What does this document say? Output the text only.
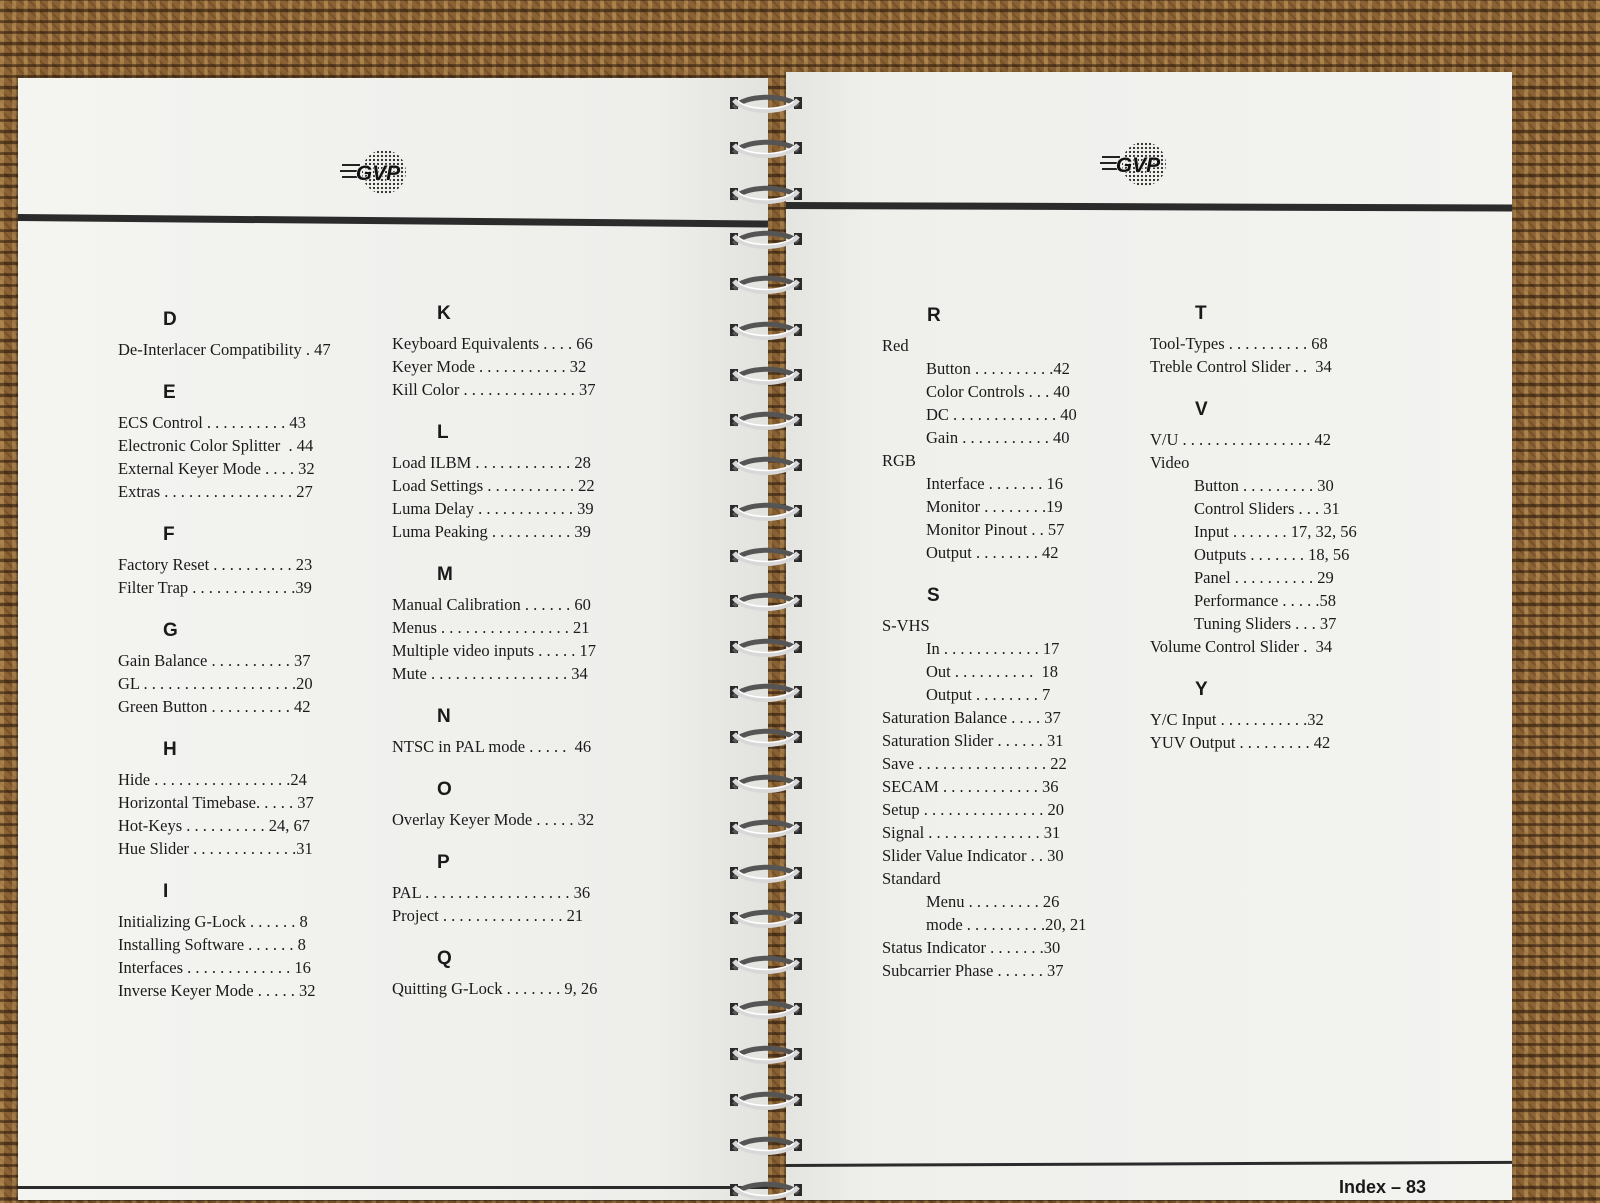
GVP
D
De-Interlacer Compatibility . 47
E
ECS Control . . . . . . . . . . 43
Electronic Color Splitter  . 44
External Keyer Mode . . . . 32
Extras . . . . . . . . . . . . . . . . 27
F
Factory Reset . . . . . . . . . . 23
Filter Trap . . . . . . . . . . . . .39
G
Gain Balance . . . . . . . . . . 37
GL . . . . . . . . . . . . . . . . . . .20
Green Button . . . . . . . . . . 42
H
Hide . . . . . . . . . . . . . . . . .24
Horizontal Timebase. . . . . 37
Hot-Keys . . . . . . . . . . 24, 67
Hue Slider . . . . . . . . . . . . .31
I
Initializing G-Lock . . . . . . 8
Installing Software . . . . . . 8
Interfaces . . . . . . . . . . . . . 16
Inverse Keyer Mode . . . . . 32
K
Keyboard Equivalents . . . . 66
Keyer Mode . . . . . . . . . . . 32
Kill Color . . . . . . . . . . . . . . 37
L
Load ILBM . . . . . . . . . . . . 28
Load Settings . . . . . . . . . . . 22
Luma Delay . . . . . . . . . . . . 39
Luma Peaking . . . . . . . . . . 39
M
Manual Calibration . . . . . . 60
Menus . . . . . . . . . . . . . . . . 21
Multiple video inputs . . . . . 17
Mute . . . . . . . . . . . . . . . . . 34
N
NTSC in PAL mode . . . . .  46
O
Overlay Keyer Mode . . . . . 32
P
PAL . . . . . . . . . . . . . . . . . . 36
Project . . . . . . . . . . . . . . . 21
Q
Quitting G-Lock . . . . . . . 9, 26
GVP
R
Red
Button . . . . . . . . . .42
Color Controls . . . 40
DC . . . . . . . . . . . . . 40
Gain . . . . . . . . . . . 40
RGB
Interface . . . . . . . 16
Monitor . . . . . . . .19
Monitor Pinout . . 57
Output . . . . . . . . 42
S
S-VHS
In . . . . . . . . . . . . 17
Out . . . . . . . . . .  18
Output . . . . . . . . 7
Saturation Balance . . . . 37
Saturation Slider . . . . . . 31
Save . . . . . . . . . . . . . . . . 22
SECAM . . . . . . . . . . . . 36
Setup . . . . . . . . . . . . . . . 20
Signal . . . . . . . . . . . . . . 31
Slider Value Indicator . . 30
Standard
Menu . . . . . . . . . 26
mode . . . . . . . . . .20, 21
Status Indicator . . . . . . .30
Subcarrier Phase . . . . . . 37
T
Tool-Types . . . . . . . . . . 68
Treble Control Slider . .  34
V
V/U . . . . . . . . . . . . . . . . 42
Video
Button . . . . . . . . . 30
Control Sliders . . . 31
Input . . . . . . . 17, 32, 56
Outputs . . . . . . . 18, 56
Panel . . . . . . . . . . 29
Performance . . . . .58
Tuning Sliders . . . 37
Volume Control Slider .  34
Y
Y/C Input . . . . . . . . . . .32
YUV Output . . . . . . . . . 42
Index – 83
